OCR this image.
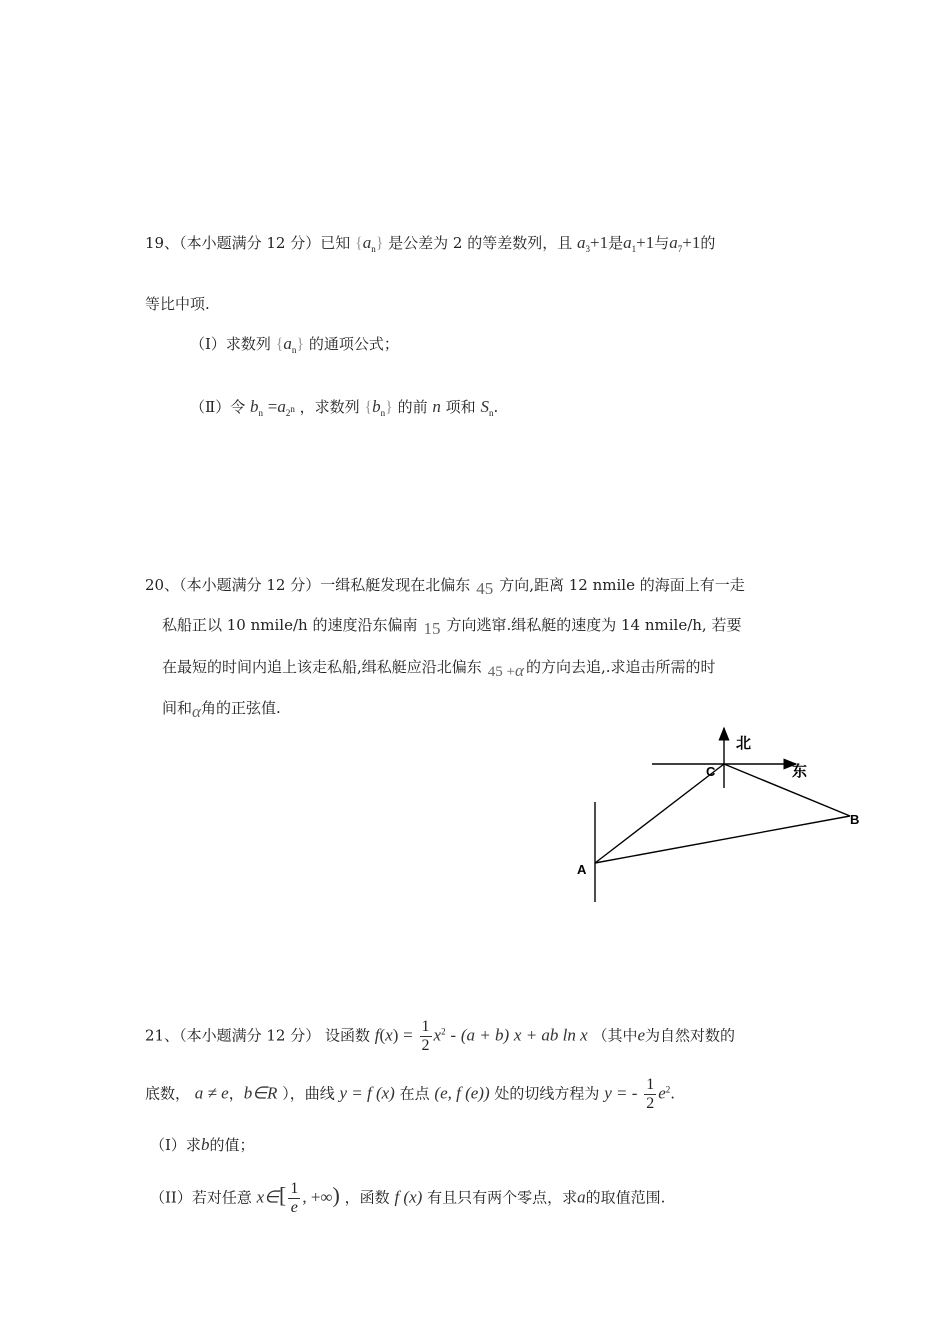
19、（本小题满分 12 分）已知 $\{a_n\}$ 是公差为 2 的等差数列，且 $a_3+1$是$a_1+1$与$a_7+1$的
等比中项.
（Ⅰ）求数列 $\{a_n\}$ 的通项公式；
（Ⅱ）令 $b_n =a_{2^n}$ ，求数列 $\{b_n\}$ 的前 n 项和 $S_n$.
20、（本小题满分 12 分）一缉私艇发现在北偏东 45 方向,距离 12 nmile 的海面上有一走
私船正以 10 nmile/h 的速度沿东偏南 15 方向逃窜.缉私艇的速度为 14 nmile/h, 若要
在最短的时间内追上该走私船,缉私艇应沿北偏东 45 +α 的方向去追,.求追击所需的时
间和α角的正弦值.
北
东
C
B
A
21、（本小题满分 12 分） 设函数 $f(x) = \frac{1}{2} x^2 - (a + b) x$ + ab ln x （其中e为自然对数的
底数， a ≠ e，b∈R ），曲线 y = f (x) 在点 (e, f (e)) 处的切线方程为 y = - $\frac{1}{2} e^2$.
（I）求b的值；
（II）若对任意 x∈[ $\frac{1}{e}$ , +∞) ，函数 f (x) 有且只有两个零点，求a的取值范围.
